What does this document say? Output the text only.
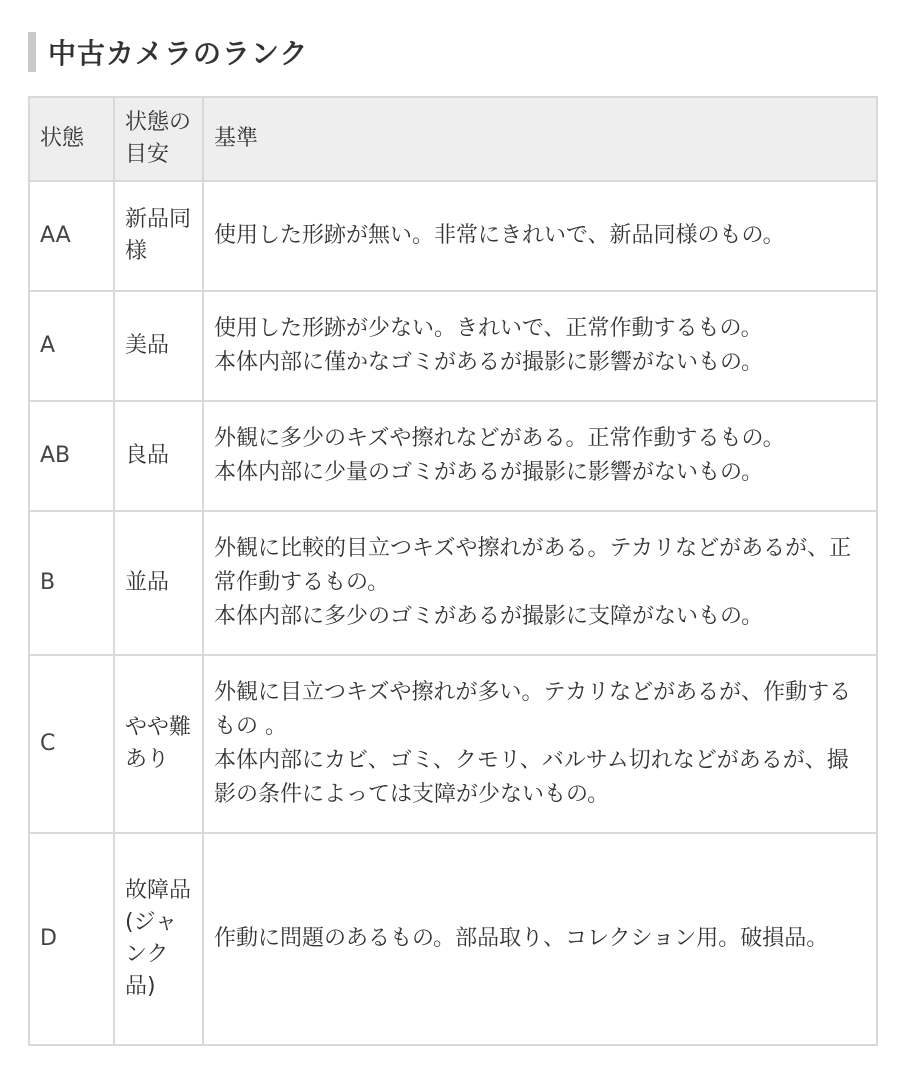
中古カメラのランク
状態	状態の目安	基準
AA	新品同様	使用した形跡が無い。非常にきれいで、新品同様のもの。

A	美品	使用した形跡が少ない。きれいで、正常作動するもの。
本体内部に僅かなゴミがあるが撮影に影響がないもの。

AB	良品	外観に多少のキズや擦れなどがある。正常作動するもの。
本体内部に少量のゴミがあるが撮影に影響がないもの。

B	並品	外観に比較的目立つキズや擦れがある。テカリなどがあるが、正常作動するもの。
本体内部に多少のゴミがあるが撮影に支障がないもの。

C	やや難あり	外観に目立つキズや擦れが多い。テカリなどがあるが、作動するもの 。
本体内部にカビ、ゴミ、クモリ、バルサム切れなどがあるが、撮影の条件によっては支障が少ないもの。

D	故障品(ジャンク品)	作動に問題のあるもの。部品取り、コレクション用。破損品。
